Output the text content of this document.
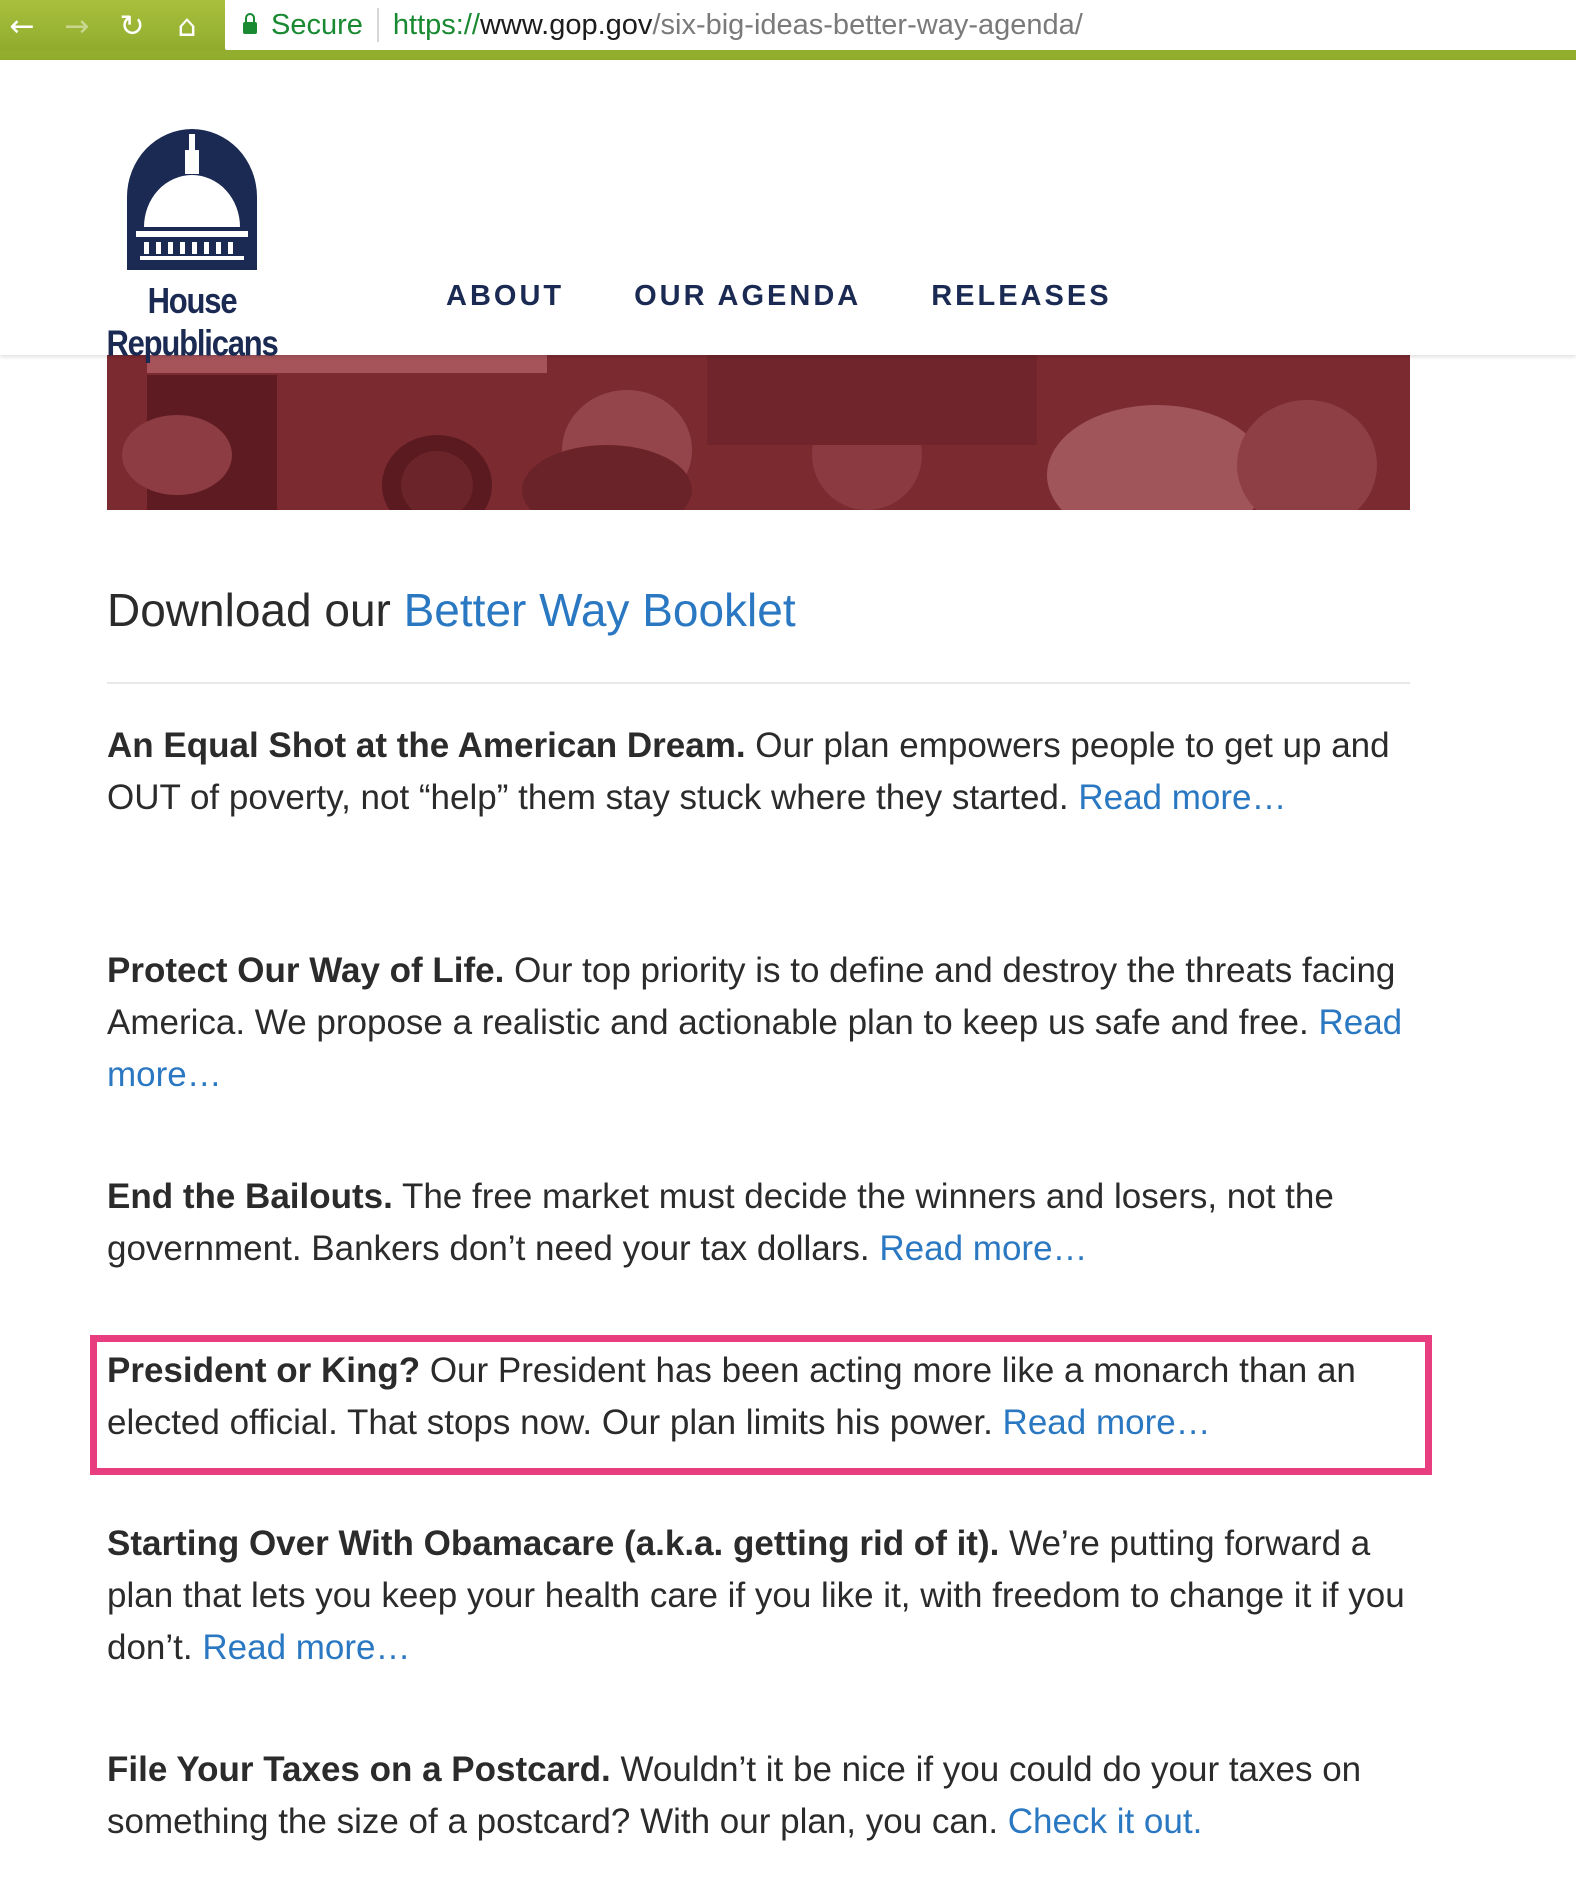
← → ↻	⌂	Secure https://www.gop.gov/six-big-ideas-better-way-agenda/
House Republicans
ABOUT OUR AGENDA RELEASES
Download our Better Way Booklet

An Equal Shot at the American Dream. Our plan empowers people to get up and OUT of poverty, not “help” them stay stuck where they started. Read more…

Protect Our Way of Life. Our top priority is to define and destroy the threats facing America. We propose a realistic and actionable plan to keep us safe and free. Read more…

End the Bailouts. The free market must decide the winners and losers, not the government. Bankers don’t need your tax dollars. Read more…

President or King? Our President has been acting more like a monarch than an elected official. That stops now. Our plan limits his power. Read more…

Starting Over With Obamacare (a.k.a. getting rid of it). We’re putting forward a plan that lets you keep your health care if you like it, with freedom to change it if you don’t. Read more…

File Your Taxes on a Postcard. Wouldn’t it be nice if you could do your taxes on something the size of a postcard? With our plan, you can. Check it out.
